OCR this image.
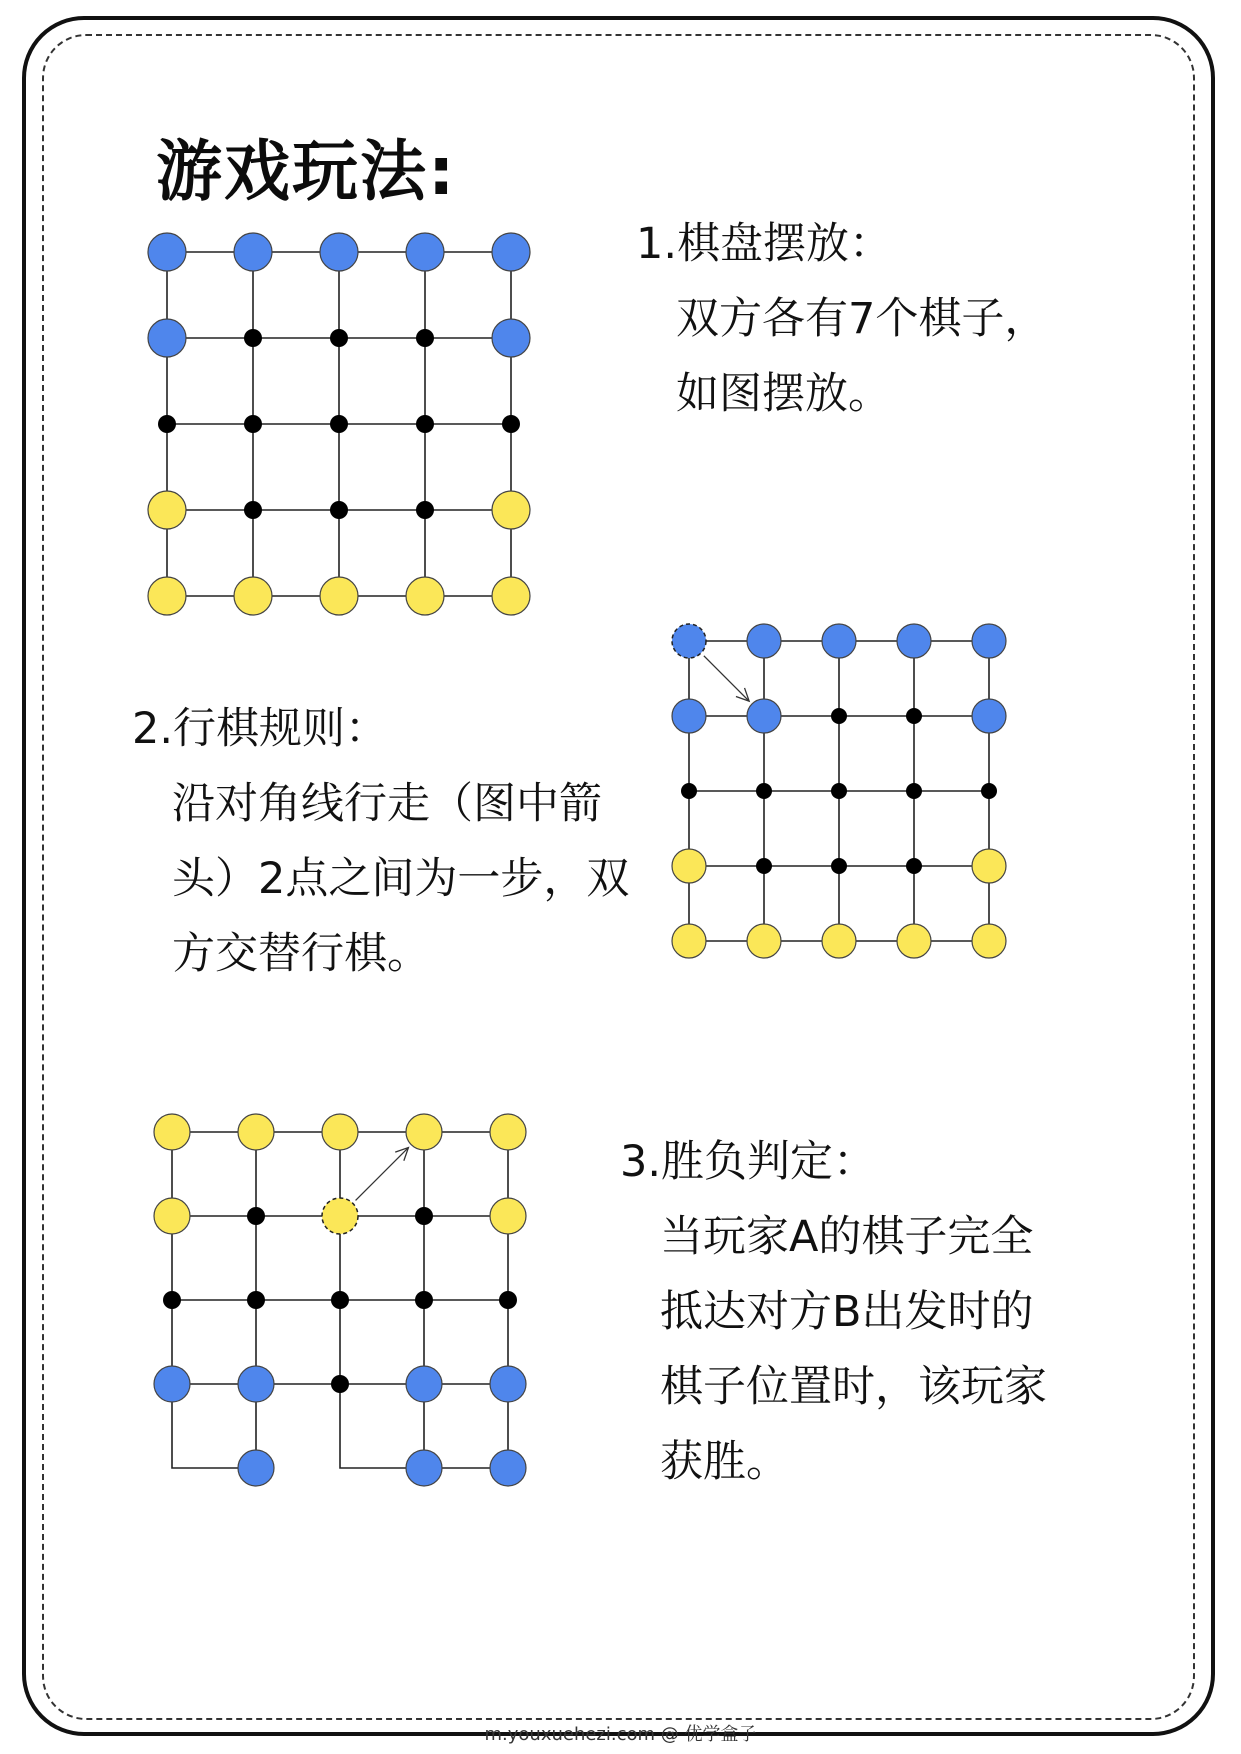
游戏玩法:
1.棋盘摆放：
双方各有7个棋子，
如图摆放。
2.行棋规则：
沿对角线行走（图中箭
头）2点之间为一步，双
方交替行棋。
3.胜负判定：
当玩家A的棋子完全
抵达对方B出发时的
棋子位置时，该玩家
获胜。
m.youxuehezi.com @ 优学盒子
